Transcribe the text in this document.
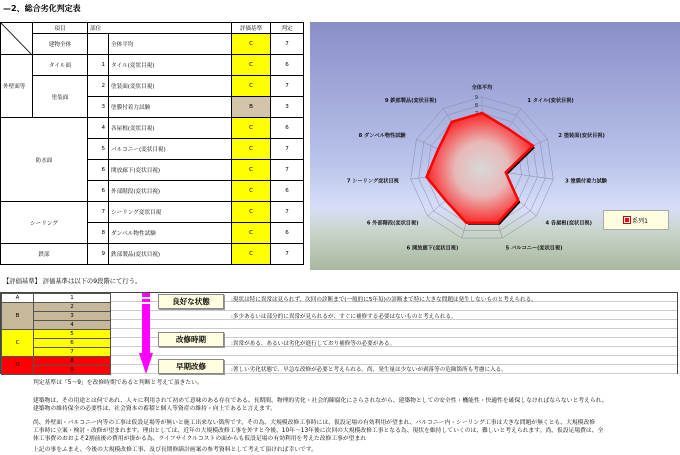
—2、総合劣化判定表
	項目	部位		評価基準	判定
	建物全体		全体平均	C	7
外壁面等	タイル面	1	タイル(変状目視)	C	6
	塗装面	2	塗装面(変状目視)	C	7
		3	塗膜付着力試験	B	3
防水面		4	各屋根(変状目視)	C	6
		5	バルコニー(変状目視)	C	7
		6	開放廊下(変状目視)	C	7
		6	外部階段(変状目視)	C	6
シーリング		7	シーリング変状目視	C	7
		8	ダンベル物性試験	C	6
鉄部		9	鉄部製品(変状目視)	C	7
8
9
全体平均
1 タイル(変状目視)
2 塗装面(変状目視)
3 塗膜付着力試験
4 各屋根(変状目視)
5 バルコニー(変状目視)
6 開放廊下(変状目視)
6 外部階段(変状目視)
7 シーリング変状目視
8 ダンベル物性試験
9 鉄部製品(変状目視)
系列1
【評価基準】 評価基準は以下の9段階にて行う。
A	1
B	2
	3
	4
C	5
	6
	7
D	8
	9
良好な状態
改修時期
早期改修
:現状は特に異常は見られず、次回の診断まで(一般的に5年毎)の診断まで特に大きな問題は発生しないものと考えられる。
:多少あるいは部分的に異常が見られるが、すぐに補修する必要はないものと考えられる。
:異常がある、あるいは劣化が進行しており補修等の必要がある。
:著しい劣化状態で、早急な改修が必要と考えられる。尚、発生量は少ないが剥落等の危険箇所も考慮に入る。
判定基準は「5～9」を改修時期であると判断と考えて頂きたい。
建築物は、その用途とは何であれ、人々に利用されて初めて意味のある存在である。長期間、物理的劣化・社会的陳腐化にさらされながら、建築物としての安全性・機能性・快適性を確保しなければならないと考えられ、
建築物の維持保全の必要性は、社会資本の蓄積と個人等資産の維持・向上であると言えます。
尚、外壁面・バルコニー内等の工事は仮設足場等が無いと施工出来ない箇所です。その為、大規模改修工事時には、仮設足場の有効利用が望まれ、バルコニー内・シーリング工事は大きな問題が無くとも、大規模改修
工事時に立案・検討・改修が望まれます。理由としては、近年の大規模改修工事を外すと今後、10年～13年後に次回の大規模改修工事となる為、現状を維持していくのは、難しいと考えられます。尚、仮設足場費は、全
体工事費のおおよそ2割前後の費用が掛かる為、ライフサイクルコストの面からも仮設足場の有効利用を考えた改修工事が望まれ
上記の事をふまえ、今後の大規模改修工事、及び長期修繕計画案の参考資料として考えて頂ければ幸いです。
